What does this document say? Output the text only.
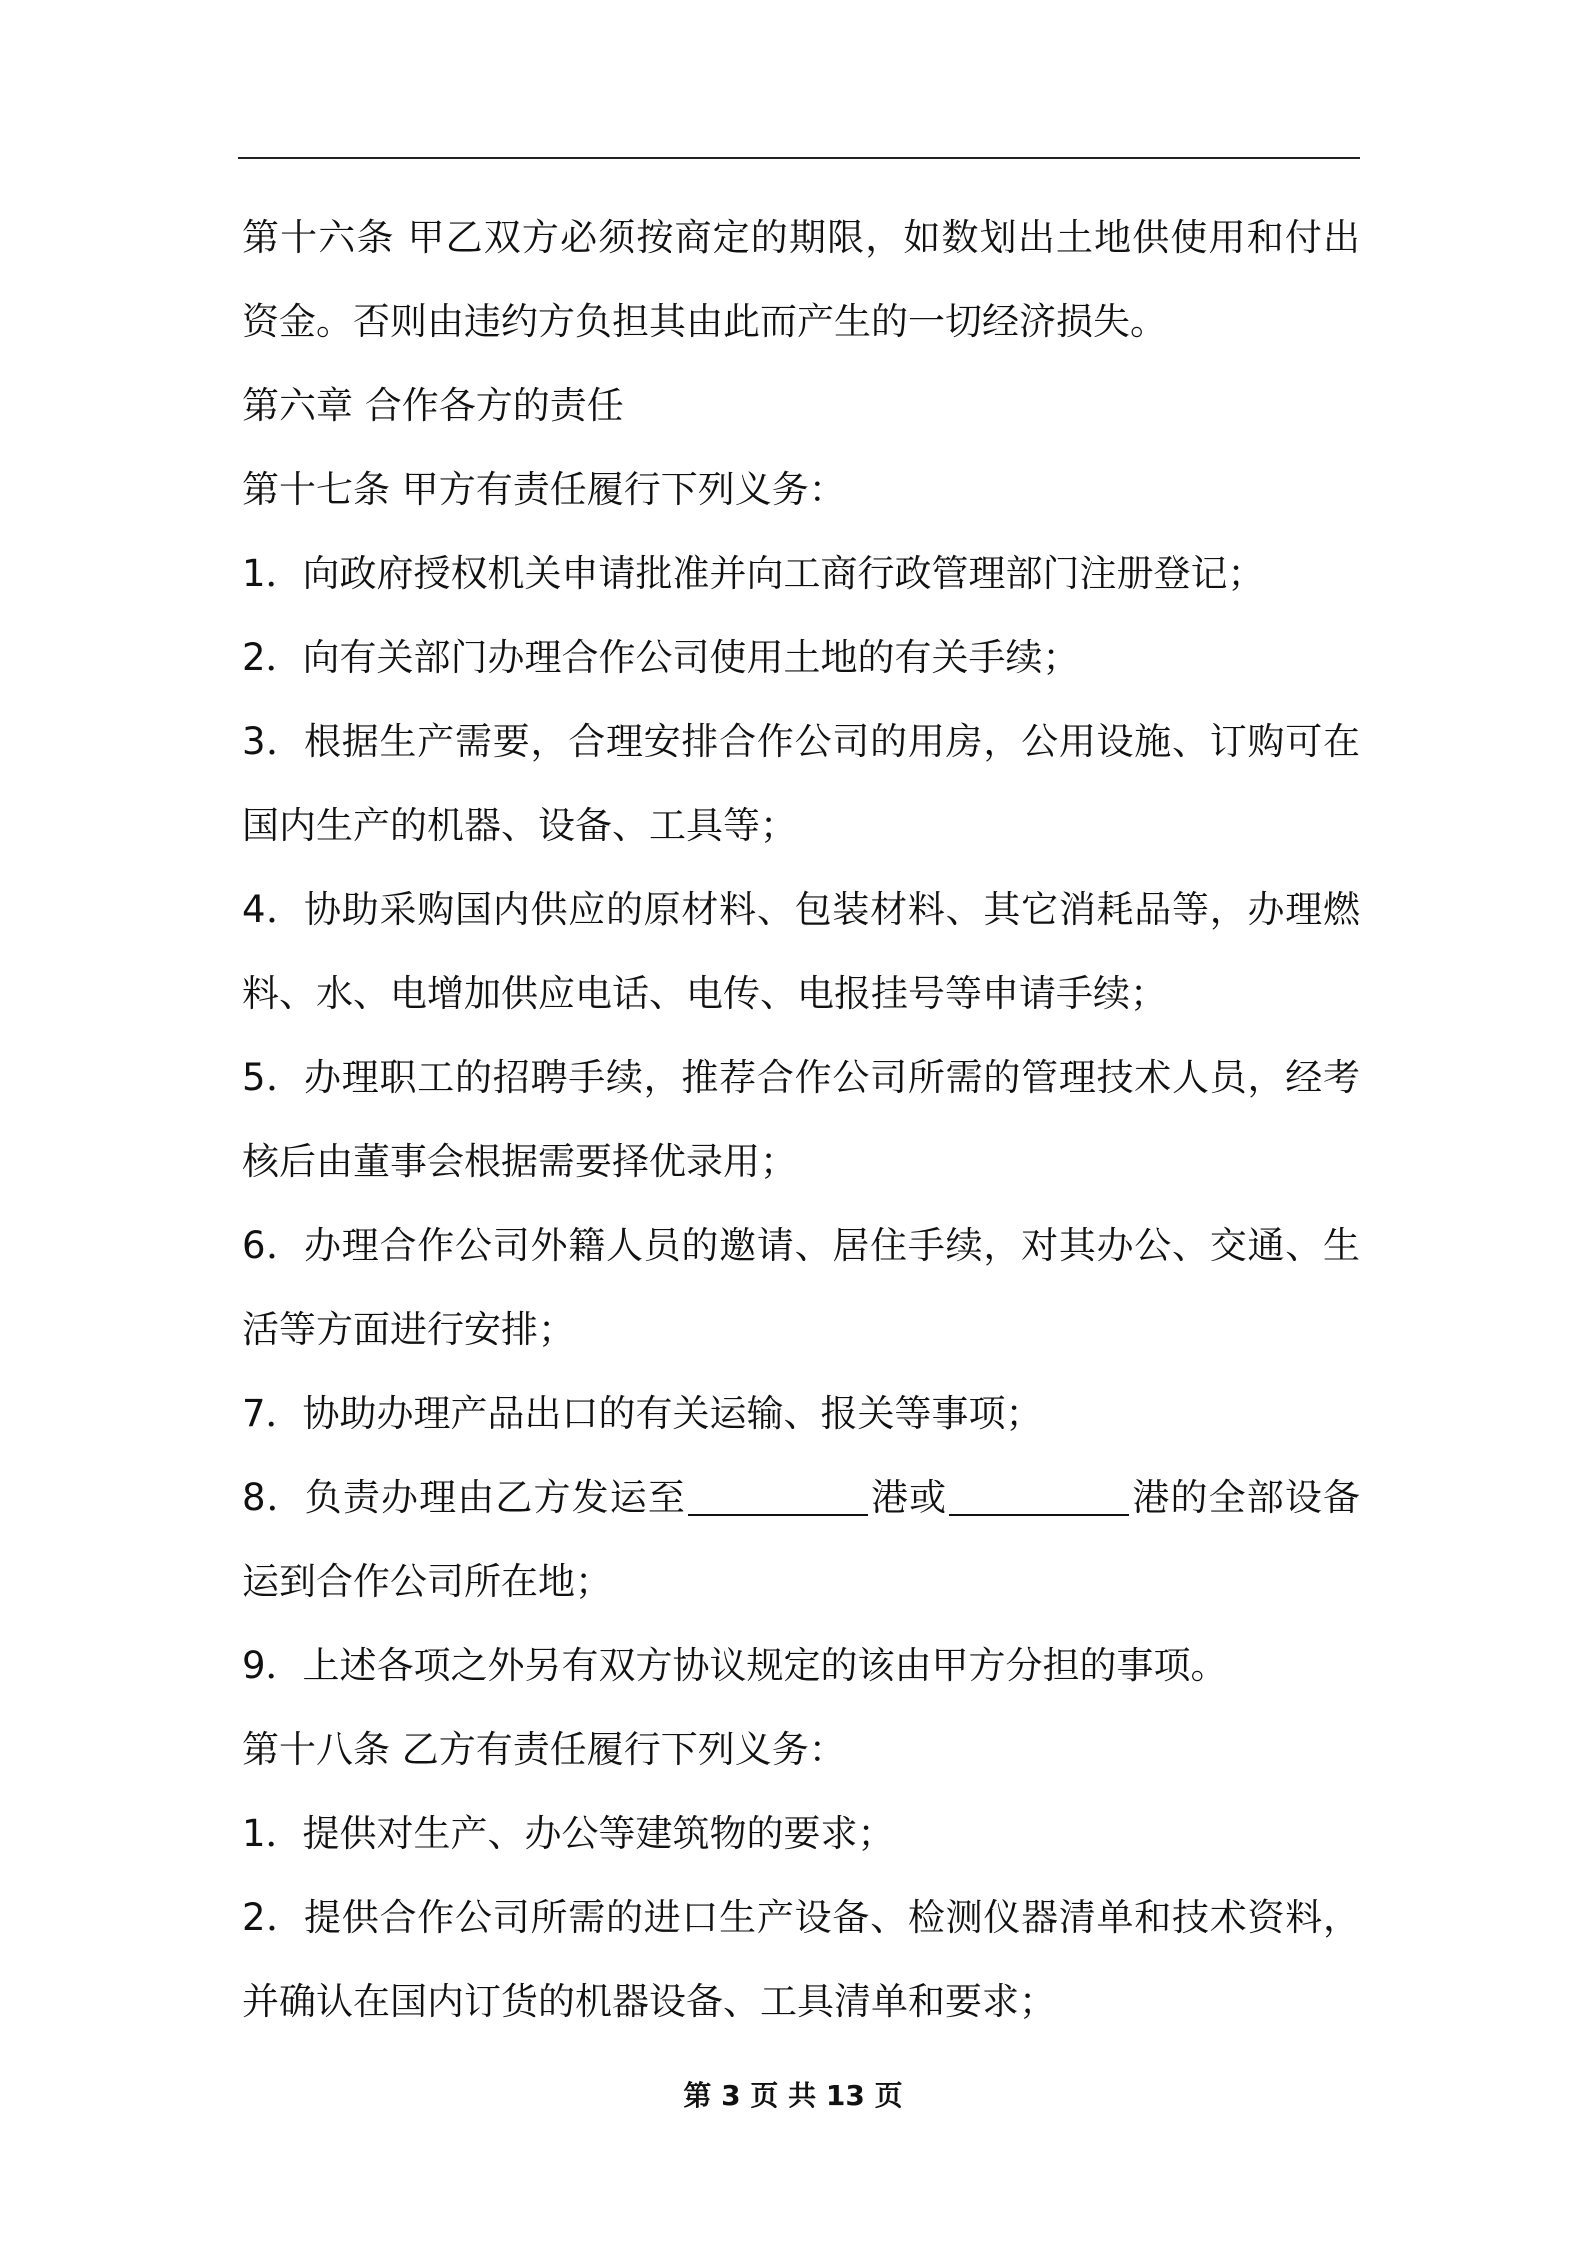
第十六条 甲乙双方必须按商定的期限，如数划出土地供使用和付出
资金。否则由违约方负担其由此而产生的一切经济损失。
第六章 合作各方的责任
第十七条 甲方有责任履行下列义务：
1．向政府授权机关申请批准并向工商行政管理部门注册登记；
2．向有关部门办理合作公司使用土地的有关手续；
3．根据生产需要，合理安排合作公司的用房，公用设施、订购可在
国内生产的机器、设备、工具等；
4．协助采购国内供应的原材料、包装材料、其它消耗品等，办理燃
料、水、电增加供应电话、电传、电报挂号等申请手续；
5．办理职工的招聘手续，推荐合作公司所需的管理技术人员，经考
核后由董事会根据需要择优录用；
6．办理合作公司外籍人员的邀请、居住手续，对其办公、交通、生
活等方面进行安排；
7．协助办理产品出口的有关运输、报关等事项；
8．负责办理由乙方发运至	港或	港的全部设备
运到合作公司所在地；
9．上述各项之外另有双方协议规定的该由甲方分担的事项。
第十八条 乙方有责任履行下列义务：
1．提供对生产、办公等建筑物的要求；
2．提供合作公司所需的进口生产设备、检测仪器清单和技术资料，
并确认在国内订货的机器设备、工具清单和要求；
第 3 页 共 13 页
